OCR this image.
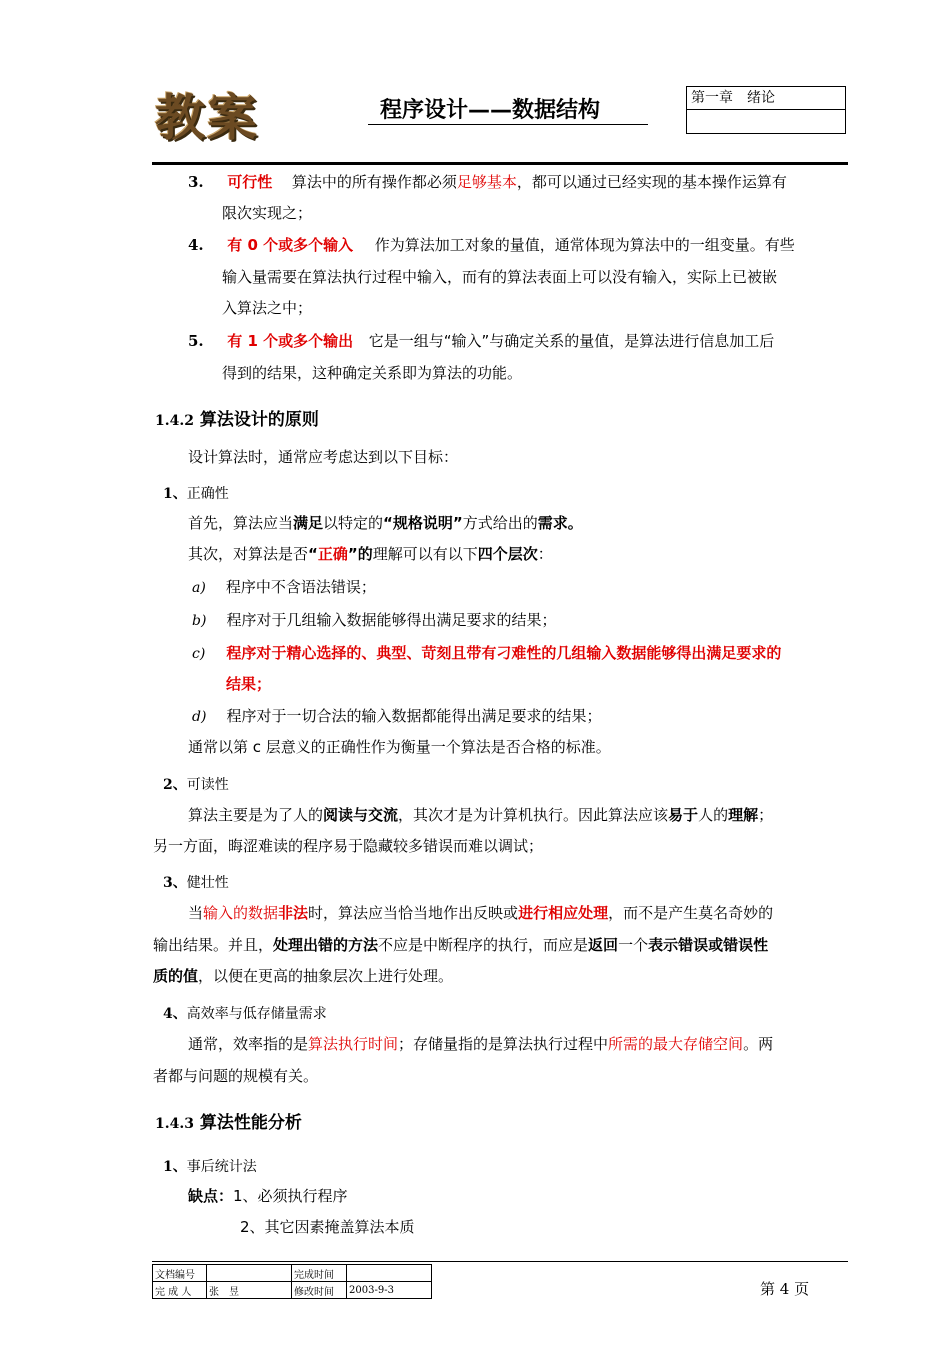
教案	程序设计——数据结构	第一章　绪论
3. 可行性 算法中的所有操作都必须足够基本，都可以通过已经实现的基本操作运算有
限次实现之；
4. 有 0 个或多个输入 作为算法加工对象的量值，通常体现为算法中的一组变量。有些
输入量需要在算法执行过程中输入，而有的算法表面上可以没有输入，实际上已被嵌
入算法之中；
5. 有 1 个或多个输出 它是一组与“输入”与确定关系的量值，是算法进行信息加工后
得到的结果，这种确定关系即为算法的功能。
1.4.2 算法设计的原则
设计算法时，通常应考虑达到以下目标：
1、正确性
首先，算法应当满足以特定的“规格说明”方式给出的需求。
其次，对算法是否“正确”的理解可以有以下四个层次：
a) 程序中不含语法错误；
b) 程序对于几组输入数据能够得出满足要求的结果；
c) 程序对于精心选择的、典型、苛刻且带有刁难性的几组输入数据能够得出满足要求的
结果；
d) 程序对于一切合法的输入数据都能得出满足要求的结果；
通常以第 c 层意义的正确性作为衡量一个算法是否合格的标准。
2、可读性
算法主要是为了人的阅读与交流，其次才是为计算机执行。因此算法应该易于人的理解；
另一方面，晦涩难读的程序易于隐藏较多错误而难以调试；
3、健壮性
当输入的数据非法时，算法应当恰当地作出反映或进行相应处理，而不是产生莫名奇妙的
输出结果。并且，处理出错的方法不应是中断程序的执行，而应是返回一个表示错误或错误性
质的值，以便在更高的抽象层次上进行处理。
4、高效率与低存储量需求
通常，效率指的是算法执行时间；存储量指的是算法执行过程中所需的最大存储空间。两
者都与问题的规模有关。
1.4.3 算法性能分析
1、事后统计法
缺点：1、必须执行程序
2、其它因素掩盖算法本质
文档编号		完成时间	
完 成 人	张　昱	修改时间	2003-9-3	第 4 页
